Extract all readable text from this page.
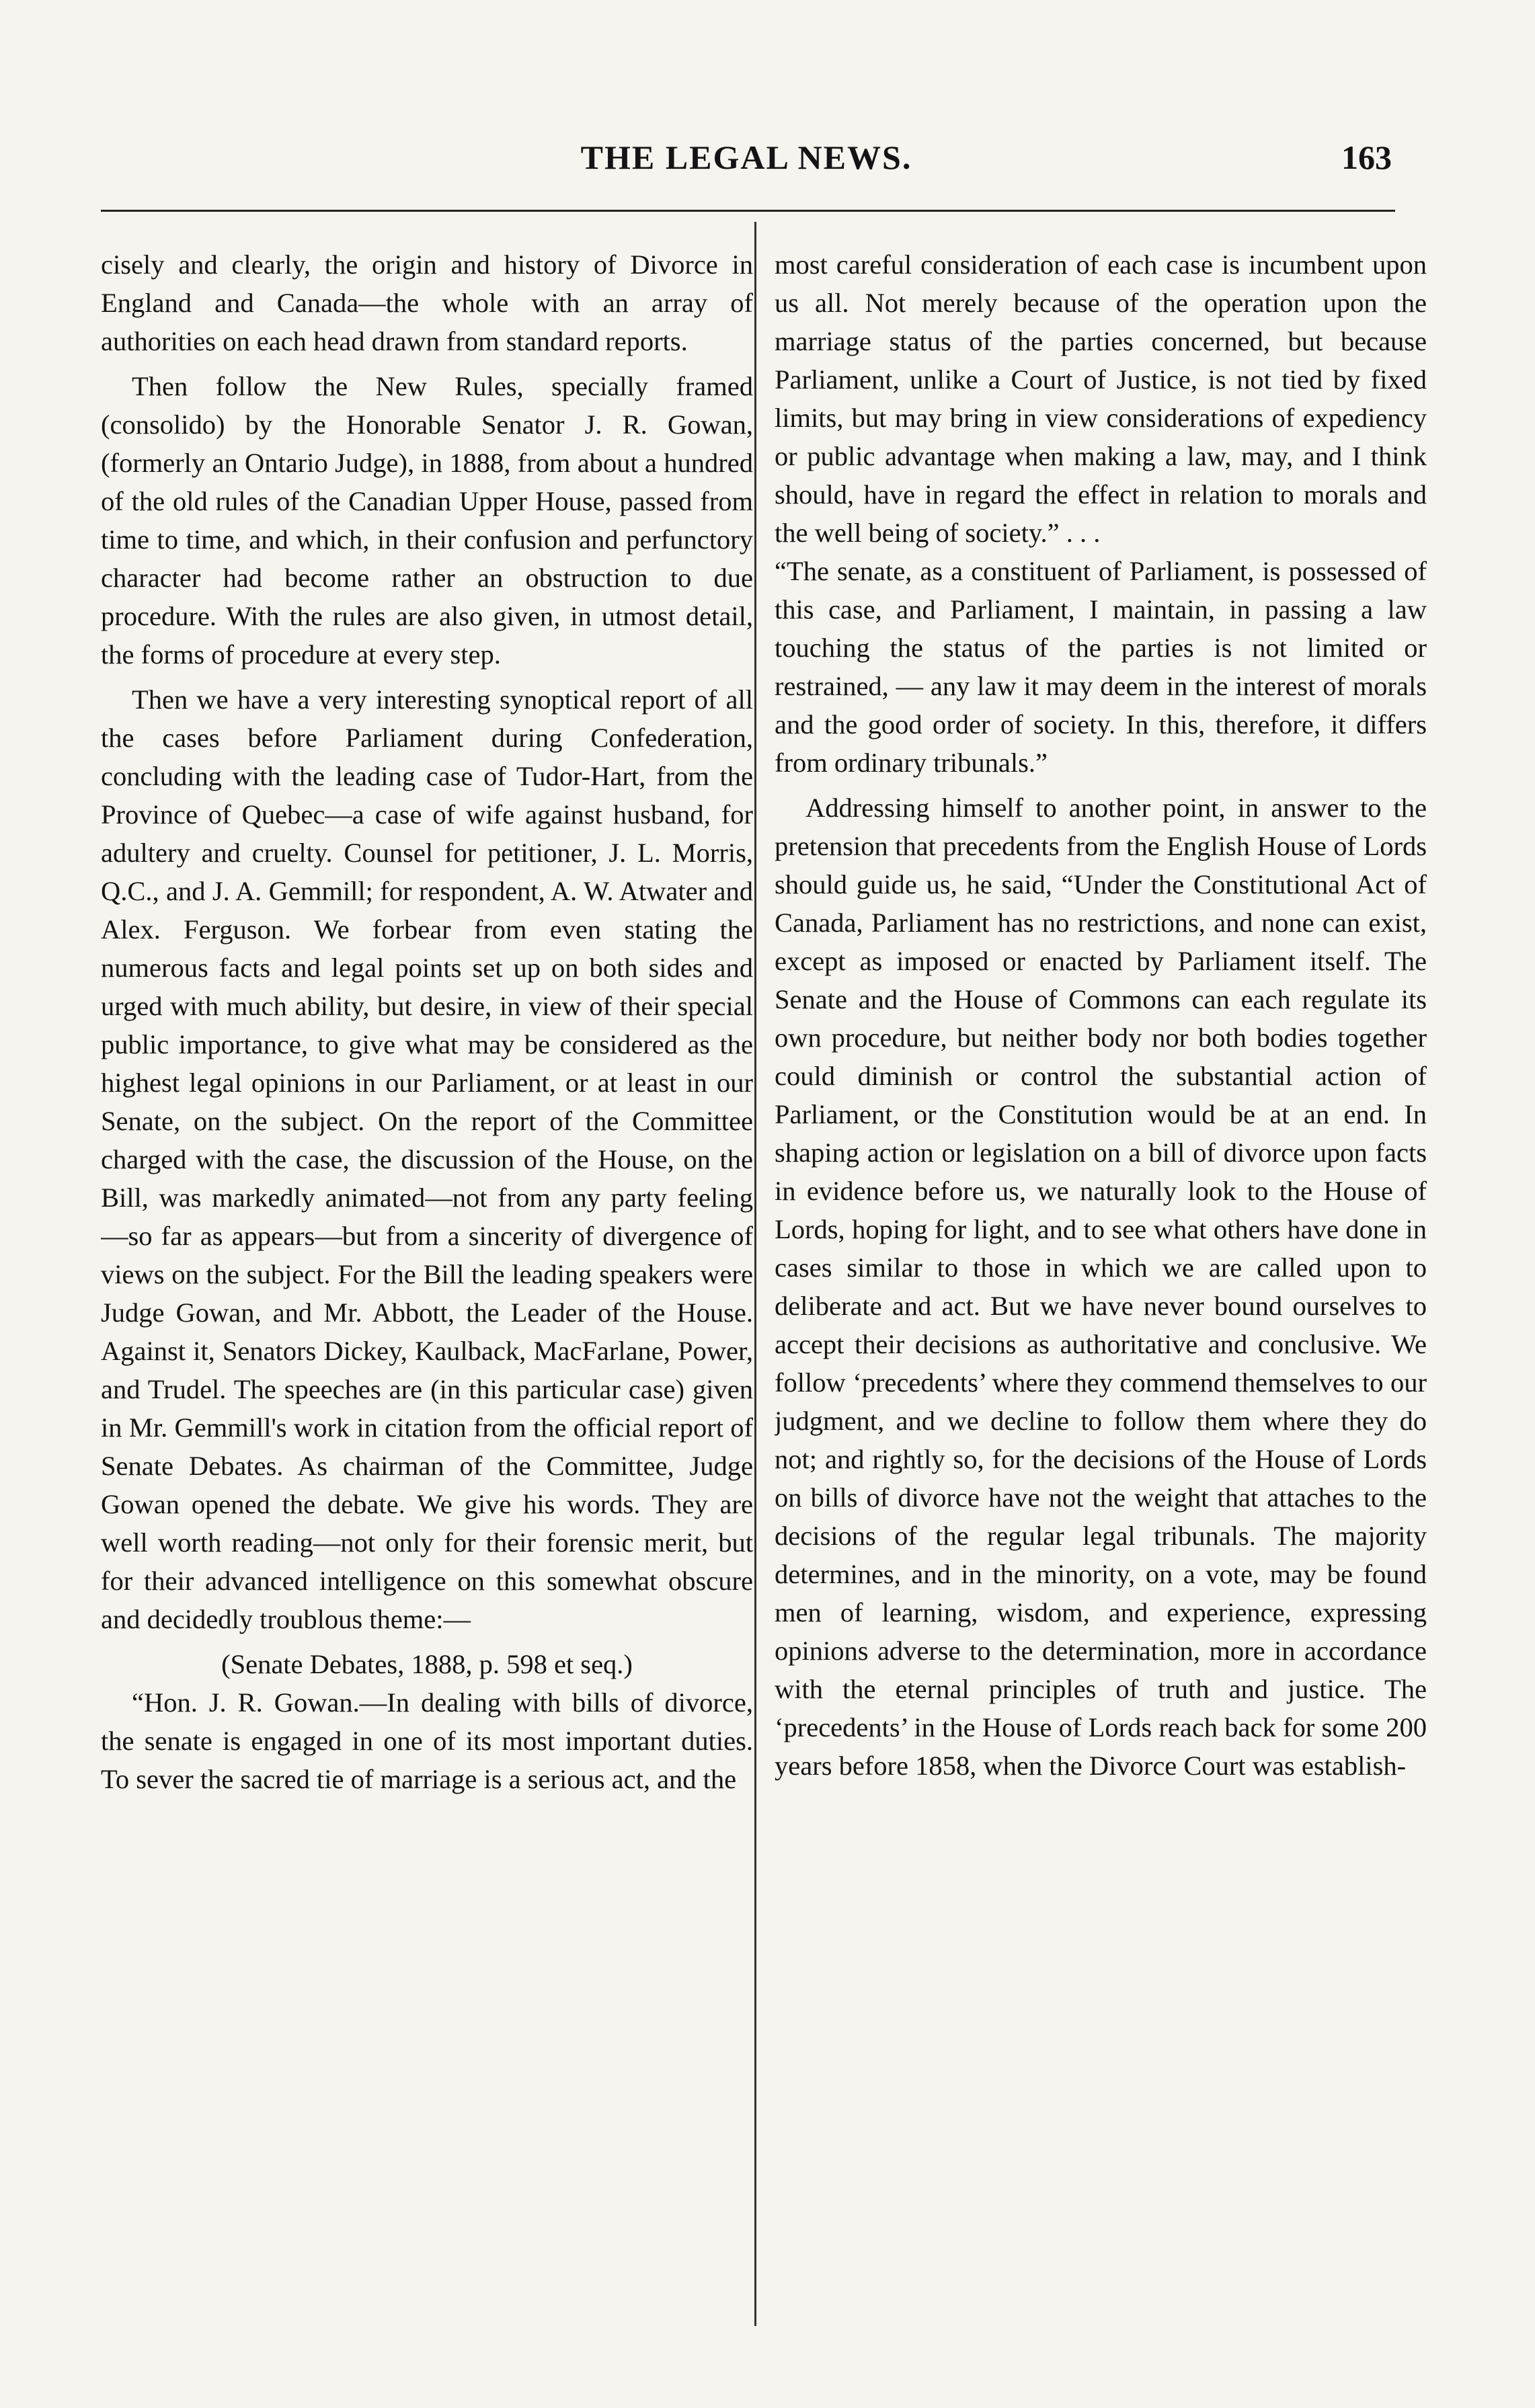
THE LEGAL NEWS.	163

cisely and clearly, the origin and history of Divorce in England and Canada—the whole with an array of authorities on each head drawn from standard reports.

Then follow the New Rules, specially framed (consolido) by the Honorable Senator J. R. Gowan, (formerly an Ontario Judge), in 1888, from about a hundred of the old rules of the Canadian Upper House, passed from time to time, and which, in their confusion and perfunctory character had become rather an obstruction to due procedure. With the rules are also given, in utmost detail, the forms of procedure at every step.

Then we have a very interesting synoptical report of all the cases before Parliament during Confederation, concluding with the leading case of Tudor-Hart, from the Province of Quebec—a case of wife against husband, for adultery and cruelty. Counsel for petitioner, J. L. Morris, Q.C., and J. A. Gemmill; for respondent, A. W. Atwater and Alex. Ferguson. We forbear from even stating the numerous facts and legal points set up on both sides and urged with much ability, but desire, in view of their special public importance, to give what may be considered as the highest legal opinions in our Parliament, or at least in our Senate, on the subject. On the report of the Committee charged with the case, the discussion of the House, on the Bill, was markedly animated—not from any party feeling—so far as appears—but from a sincerity of divergence of views on the subject. For the Bill the leading speakers were Judge Gowan, and Mr. Abbott, the Leader of the House. Against it, Senators Dickey, Kaulback, MacFarlane, Power, and Trudel. The speeches are (in this particular case) given in Mr. Gemmill's work in citation from the official report of Senate Debates. As chairman of the Committee, Judge Gowan opened the debate. We give his words. They are well worth reading—not only for their forensic merit, but for their advanced intelligence on this somewhat obscure and decidedly troublous theme:—

(Senate Debates, 1888, p. 598 et seq.)

“Hon. J. R. Gowan.—In dealing with bills of divorce, the senate is engaged in one of its most important duties. To sever the sacred tie of marriage is a serious act, and the

most careful consideration of each case is incumbent upon us all. Not merely because of the operation upon the marriage status of the parties concerned, but because Parliament, unlike a Court of Justice, is not tied by fixed limits, but may bring in view considerations of expediency or public advantage when making a law, may, and I think should, have in regard the effect in relation to morals and the well being of society.” . . .

“The senate, as a constituent of Parliament, is possessed of this case, and Parliament, I maintain, in passing a law touching the status of the parties is not limited or restrained, — any law it may deem in the interest of morals and the good order of society. In this, therefore, it differs from ordinary tribunals.”

Addressing himself to another point, in answer to the pretension that precedents from the English House of Lords should guide us, he said, “Under the Constitutional Act of Canada, Parliament has no restrictions, and none can exist, except as imposed or enacted by Parliament itself. The Senate and the House of Commons can each regulate its own procedure, but neither body nor both bodies together could diminish or control the substantial action of Parliament, or the Constitution would be at an end. In shaping action or legislation on a bill of divorce upon facts in evidence before us, we naturally look to the House of Lords, hoping for light, and to see what others have done in cases similar to those in which we are called upon to deliberate and act. But we have never bound ourselves to accept their decisions as authoritative and conclusive. We follow ‘precedents’ where they commend themselves to our judgment, and we decline to follow them where they do not; and rightly so, for the decisions of the House of Lords on bills of divorce have not the weight that attaches to the decisions of the regular legal tribunals. The majority determines, and in the minority, on a vote, may be found men of learning, wisdom, and experience, expressing opinions adverse to the determination, more in accordance with the eternal principles of truth and justice. The ‘precedents’ in the House of Lords reach back for some 200 years before 1858, when the Divorce Court was establish-
